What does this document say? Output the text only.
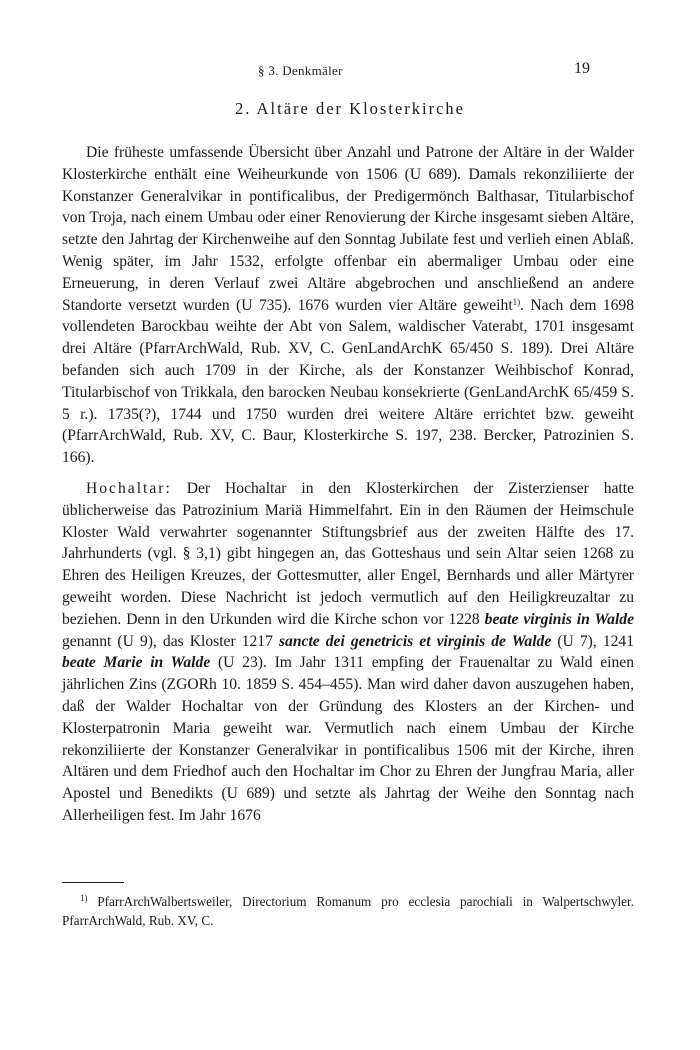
§ 3. Denkmäler	19
2. Altäre der Klosterkirche

Die früheste umfassende Übersicht über Anzahl und Patrone der Altäre in der Walder Klosterkirche enthält eine Weiheurkunde von 1506 (U 689). Damals rekonziliierte der Konstanzer Generalvikar in pontificalibus, der Predigermönch Balthasar, Titularbischof von Troja, nach einem Umbau oder einer Renovierung der Kirche insgesamt sieben Altäre, setzte den Jahrtag der Kirchenweihe auf den Sonntag Jubilate fest und verlieh einen Ablaß. Wenig später, im Jahr 1532, erfolgte offenbar ein abermaliger Umbau oder eine Erneuerung, in deren Verlauf zwei Altäre abgebrochen und anschließend an andere Standorte versetzt wurden (U 735). 1676 wurden vier Altäre geweiht$^{1)}$. Nach dem 1698 vollendeten Barockbau weihte der Abt von Salem, waldischer Vaterabt, 1701 insgesamt drei Altäre (PfarrArchWald, Rub. XV, C. GenLandArchK 65/450 S. 189). Drei Altäre befanden sich auch 1709 in der Kirche, als der Konstanzer Weihbischof Konrad, Titularbischof von Trikkala, den barocken Neubau konsekrierte (GenLandArchK 65/459 S. 5 r.). 1735(?), 1744 und 1750 wurden drei weitere Altäre errichtet bzw. geweiht (PfarrArchWald, Rub. XV, C. Baur, Klosterkirche S. 197, 238. Bercker, Patrozinien S. 166).

Hochaltar: Der Hochaltar in den Klosterkirchen der Zisterzienser hatte üblicherweise das Patrozinium Mariä Himmelfahrt. Ein in den Räumen der Heimschule Kloster Wald verwahrter sogenannter Stiftungsbrief aus der zweiten Hälfte des 17. Jahrhunderts (vgl. § 3,1) gibt hingegen an, das Gotteshaus und sein Altar seien 1268 zu Ehren des Heiligen Kreuzes, der Gottesmutter, aller Engel, Bernhards und aller Märtyrer geweiht worden. Diese Nachricht ist jedoch vermutlich auf den Heiligkreuzaltar zu beziehen. Denn in den Urkunden wird die Kirche schon vor 1228 beate virginis in Walde genannt (U 9), das Kloster 1217 sancte dei genetricis et virginis de Walde (U 7), 1241 beate Marie in Walde (U 23). Im Jahr 1311 empfing der Frauenaltar zu Wald einen jährlichen Zins (ZGORh 10. 1859 S. 454–455). Man wird daher davon auszugehen haben, daß der Walder Hochaltar von der Gründung des Klosters an der Kirchen- und Klosterpatronin Maria geweiht war. Vermutlich nach einem Umbau der Kirche rekonziliierte der Konstanzer Generalvikar in pontificalibus 1506 mit der Kirche, ihren Altären und dem Friedhof auch den Hochaltar im Chor zu Ehren der Jungfrau Maria, aller Apostel und Benedikts (U 689) und setzte als Jahrtag der Weihe den Sonntag nach Allerheiligen fest. Im Jahr 1676

$^{1)}$ PfarrArchWalbertsweiler, Directorium Romanum pro ecclesia parochiali in Walpertschwyler. PfarrArchWald, Rub. XV, C.
